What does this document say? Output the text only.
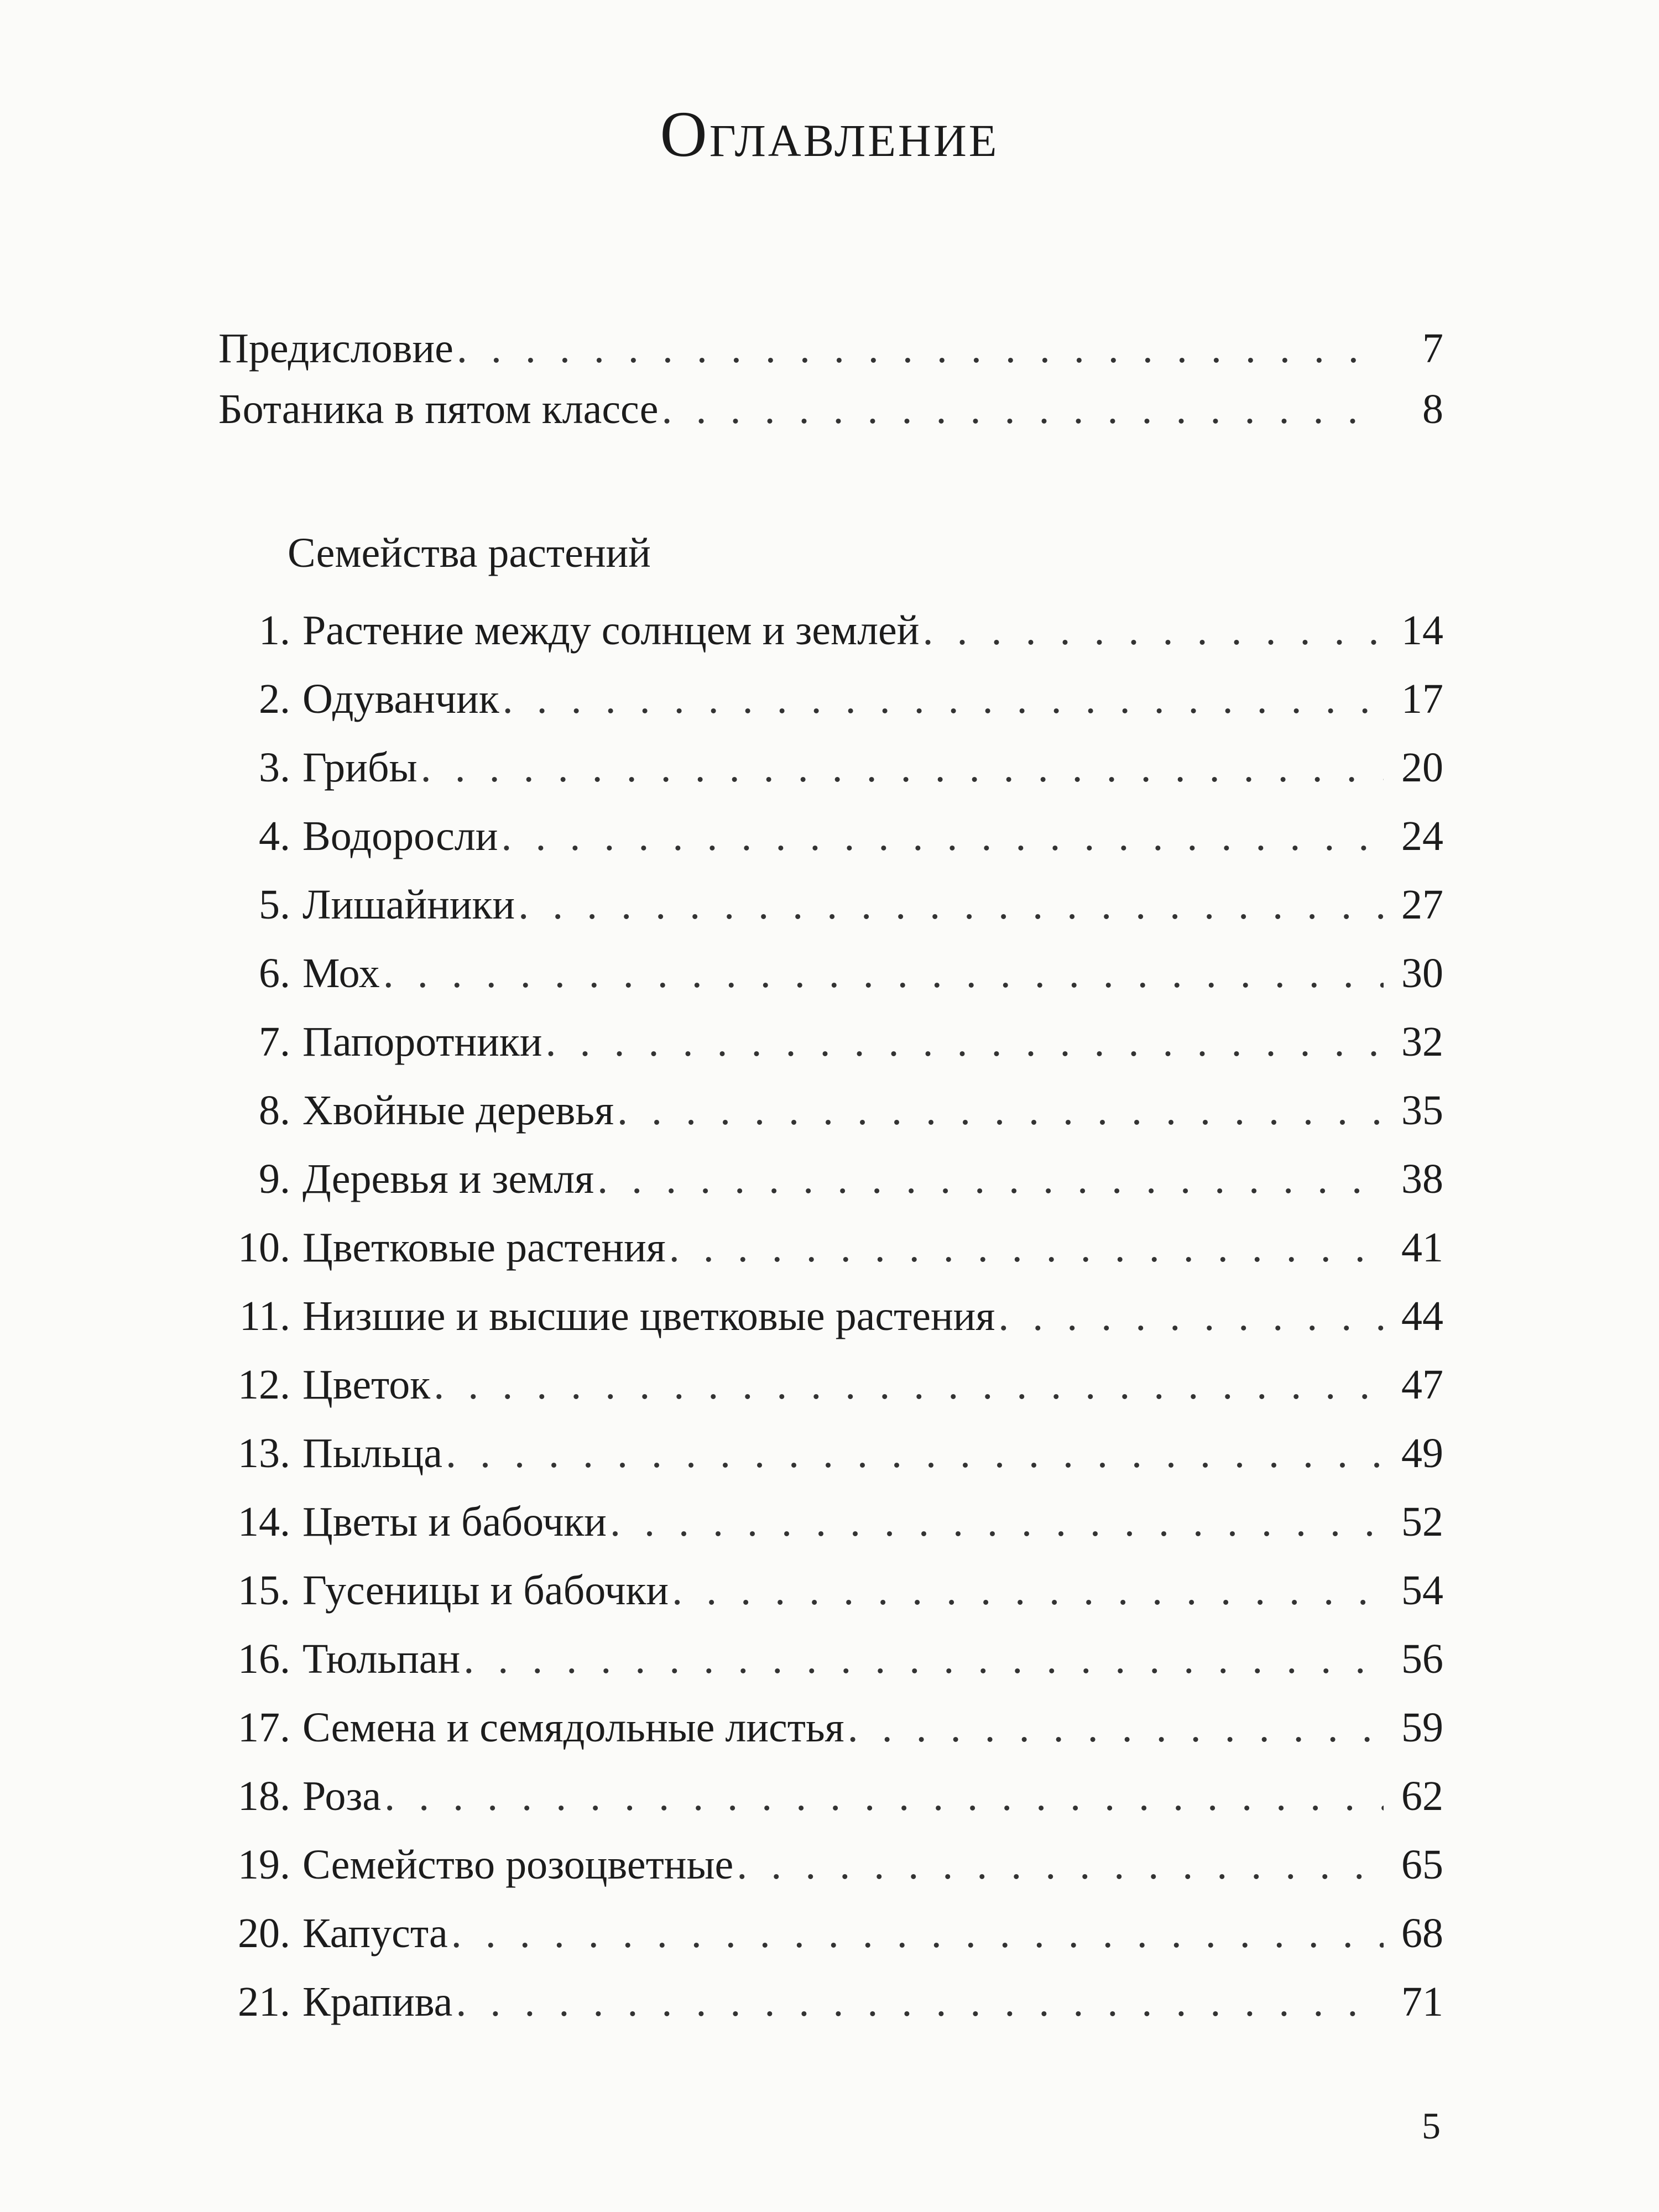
Оглавление
Предисловие . . .	7
Ботаника в пятом классе . . .	8
Семейства растений
1. Растение между солнцем и землей . . .	14
2. Одуванчик . . .	17
3. Грибы . . .	20
4. Водоросли . . .	24
5. Лишайники . . .	27
6. Мох . . .	30
7. Папоротники . . .	32
8. Хвойные деревья . . .	35
9. Деревья и земля . . .	38
10. Цветковые растения . . .	41
11. Низшие и высшие цветковые растения . . .	44
12. Цветок . . .	47
13. Пыльца . . .	49
14. Цветы и бабочки . . .	52
15. Гусеницы и бабочки . . .	54
16. Тюльпан . . .	56
17. Семена и семядольные листья . . .	59
18. Роза . . .	62
19. Семейство розоцветные . . .	65
20. Капуста . . .	68
21. Крапива . . .	71
5
